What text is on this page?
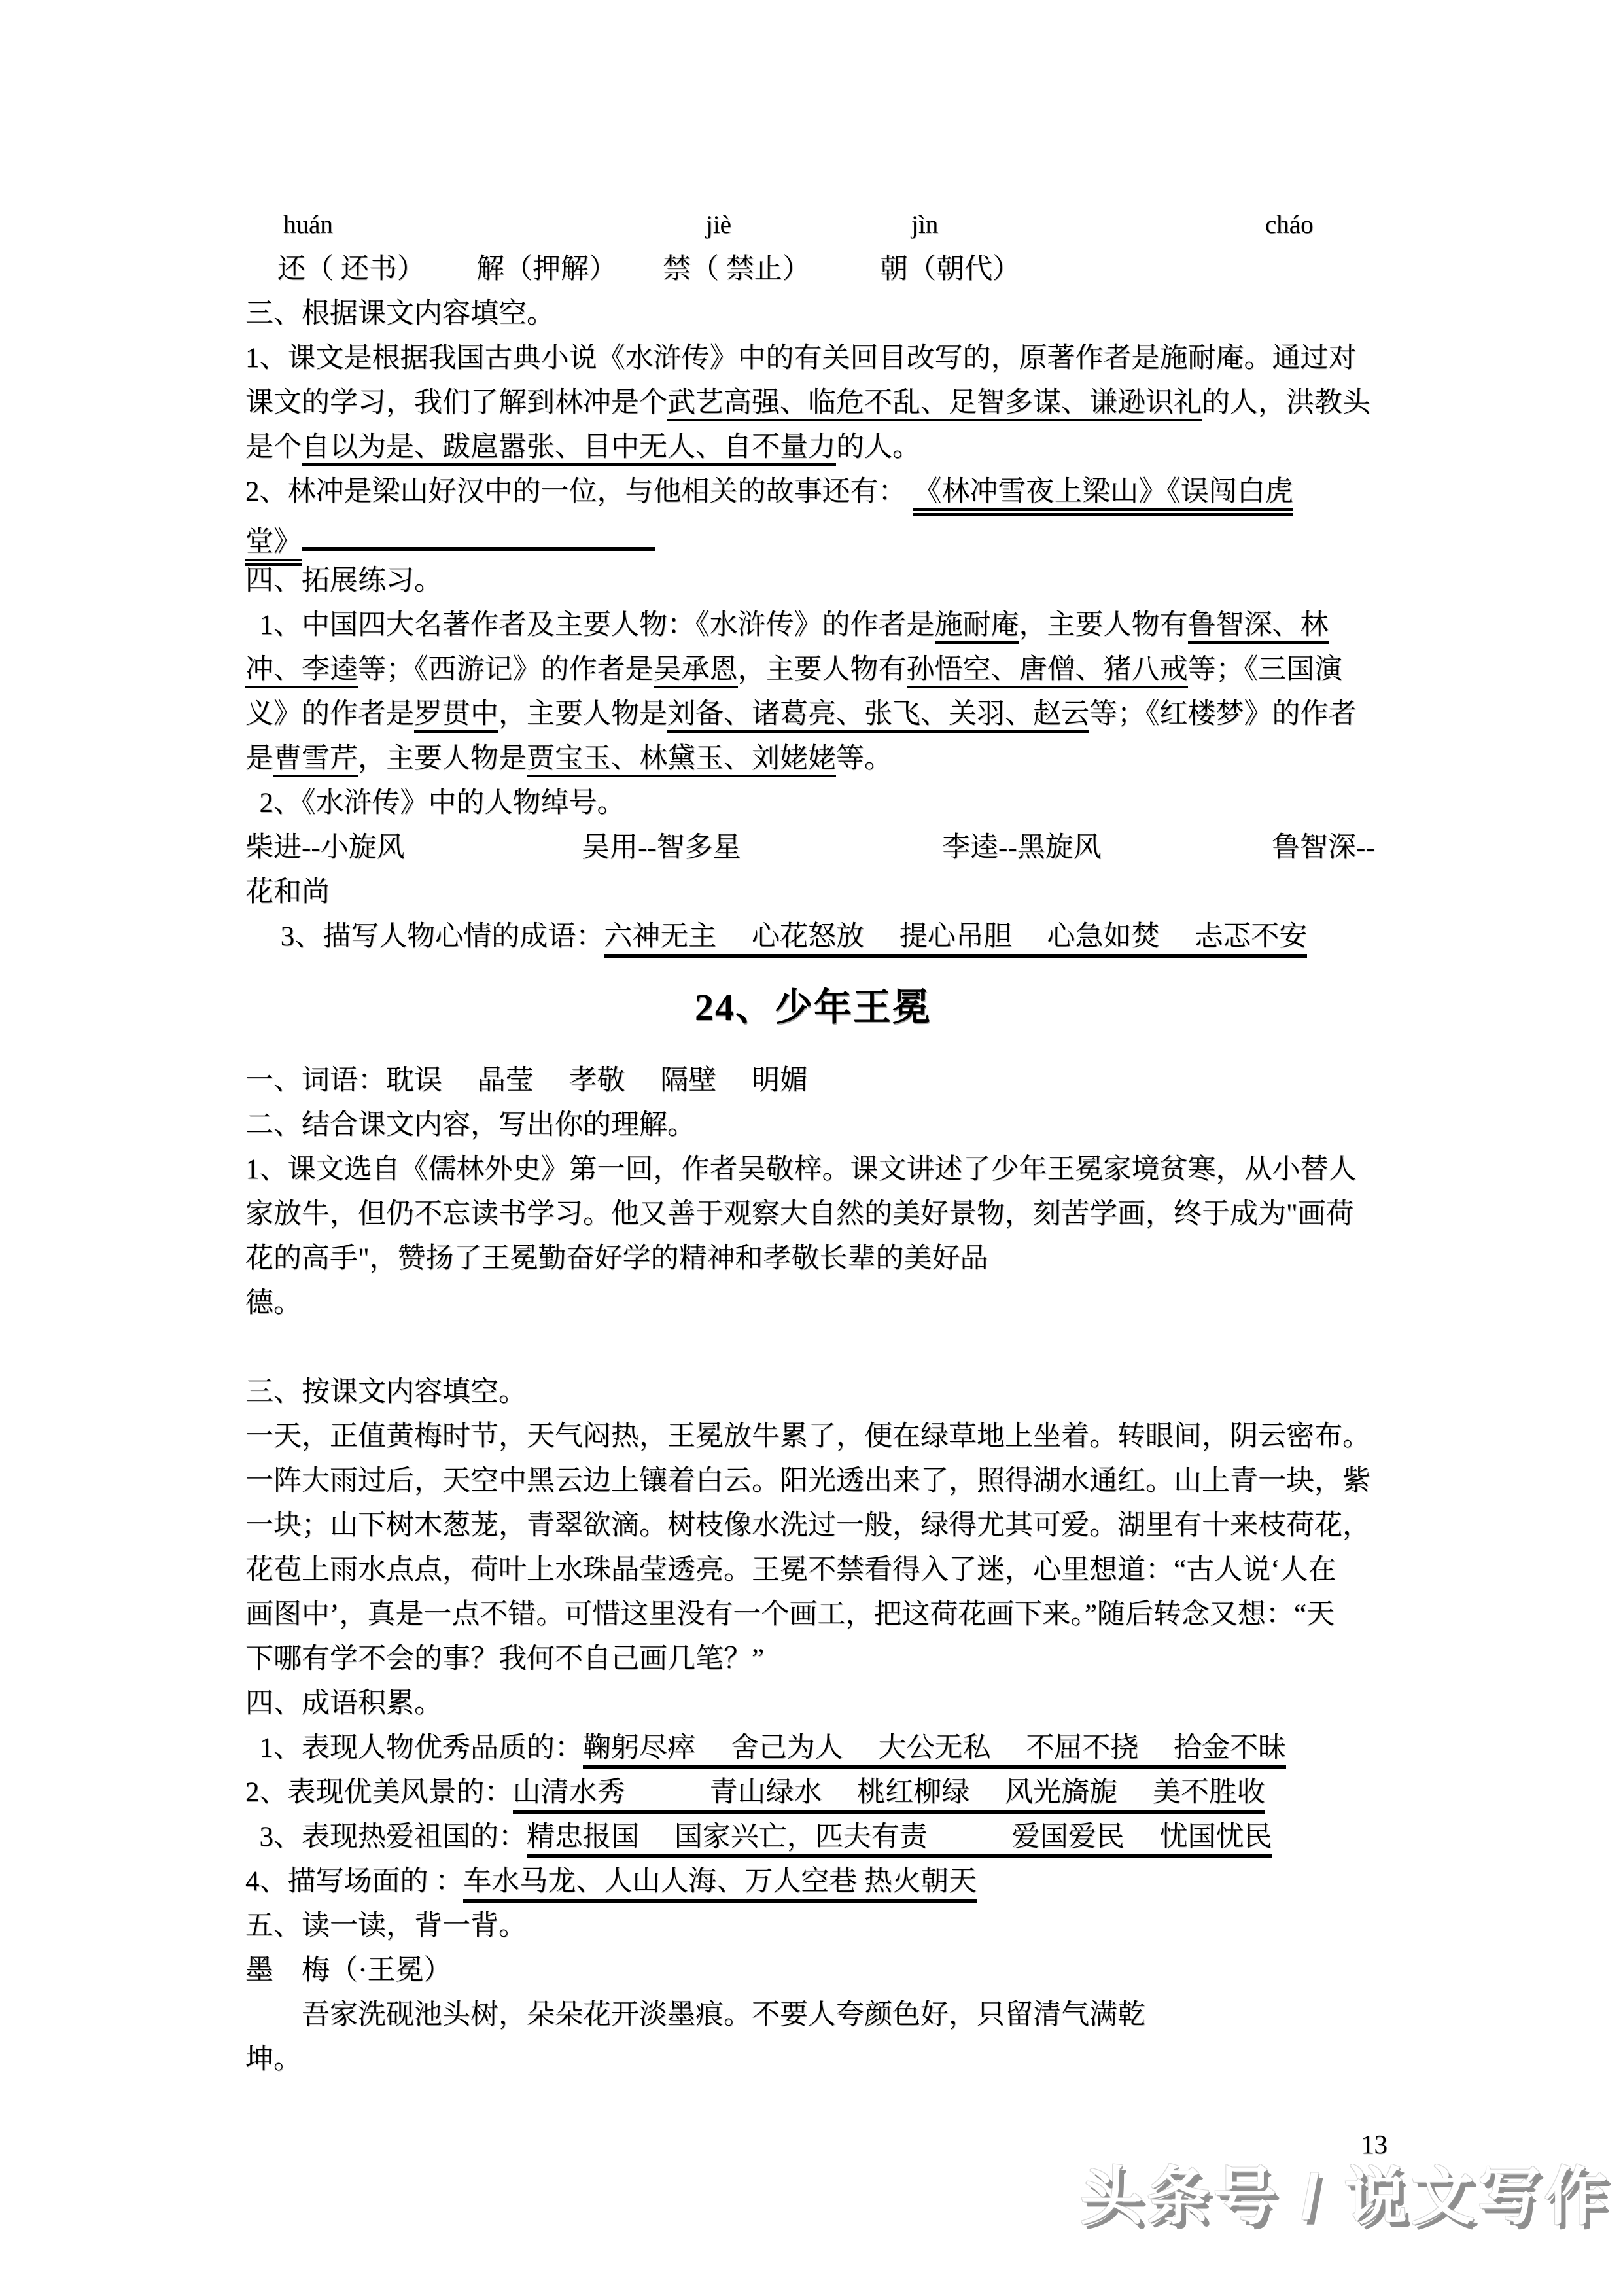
huán	jiè	jìn	cháo
还（ 还书） 解（押解） 禁（ 禁止） 朝（朝代）
三、根据课文内容填空。
1、课文是根据我国古典小说《水浒传》中的有关回目改写的，原著作者是施耐庵。通过对
课文的学习，我们了解到林冲是个武艺高强、临危不乱、足智多谋、谦逊识礼的人，洪教头
是个自以为是、跋扈嚣张、目中无人、自不量力的人。
2、林冲是梁山好汉中的一位，与他相关的故事还有： 《林冲雪夜上梁山》《误闯白虎
堂》
四、拓展练习。
1、中国四大名著作者及主要人物：《水浒传》的作者是施耐庵，主要人物有鲁智深、林
冲、李逵等；《西游记》的作者是吴承恩，主要人物有孙悟空、唐僧、猪八戒等；《三国演
义》的作者是罗贯中，主要人物是刘备、诸葛亮、张飞、关羽、赵云等；《红楼梦》的作者
是曹雪芹，主要人物是贾宝玉、林黛玉、刘姥姥等。
2、《水浒传》中的人物绰号。
柴进--小旋风	吴用--智多星	李逵--黑旋风	鲁智深--
花和尚
　 3、描写人物心情的成语：六神无主　 心花怒放　 提心吊胆　 心急如焚　 忐忑不安
24、少年王冕
一、词语：耽误　 晶莹　 孝敬　 隔壁　 明媚
二、结合课文内容，写出你的理解。
1、课文选自《儒林外史》第一回，作者吴敬梓。课文讲述了少年王冕家境贫寒，从小替人
家放牛，但仍不忘读书学习。他又善于观察大自然的美好景物，刻苦学画，终于成为"画荷
花的高手"，赞扬了王冕勤奋好学的精神和孝敬长辈的美好品
德。

三、按课文内容填空。
一天，正值黄梅时节，天气闷热，王冕放牛累了，便在绿草地上坐着。转眼间，阴云密布。
一阵大雨过后，天空中黑云边上镶着白云。阳光透出来了，照得湖水通红。山上青一块，紫
一块；山下树木葱茏，青翠欲滴。树枝像水洗过一般，绿得尤其可爱。湖里有十来枝荷花，
花苞上雨水点点，荷叶上水珠晶莹透亮。王冕不禁看得入了迷，心里想道：“古人说‘人在
画图中’，真是一点不错。可惜这里没有一个画工，把这荷花画下来。”随后转念又想：“天
下哪有学不会的事？我何不自己画几笔？”
四、成语积累。
1、表现人物优秀品质的：鞠躬尽瘁　 舍己为人　 大公无私　 不屈不挠　 拾金不昧
2、表现优美风景的：山清水秀　　　青山绿水　 桃红柳绿　 风光旖旎　 美不胜收
3、表现热爱祖国的：精忠报国　 国家兴亡，匹夫有责　　　爱国爱民　 忧国忧民
4、描写场面的 ：车水马龙、人山人海、万人空巷 热火朝天
五、读一读，背一背。
墨　梅（·王冕）
　　吾家洗砚池头树，朵朵花开淡墨痕。不要人夸颜色好，只留清气满乾
坤。
13
头条号 / 说文写作
